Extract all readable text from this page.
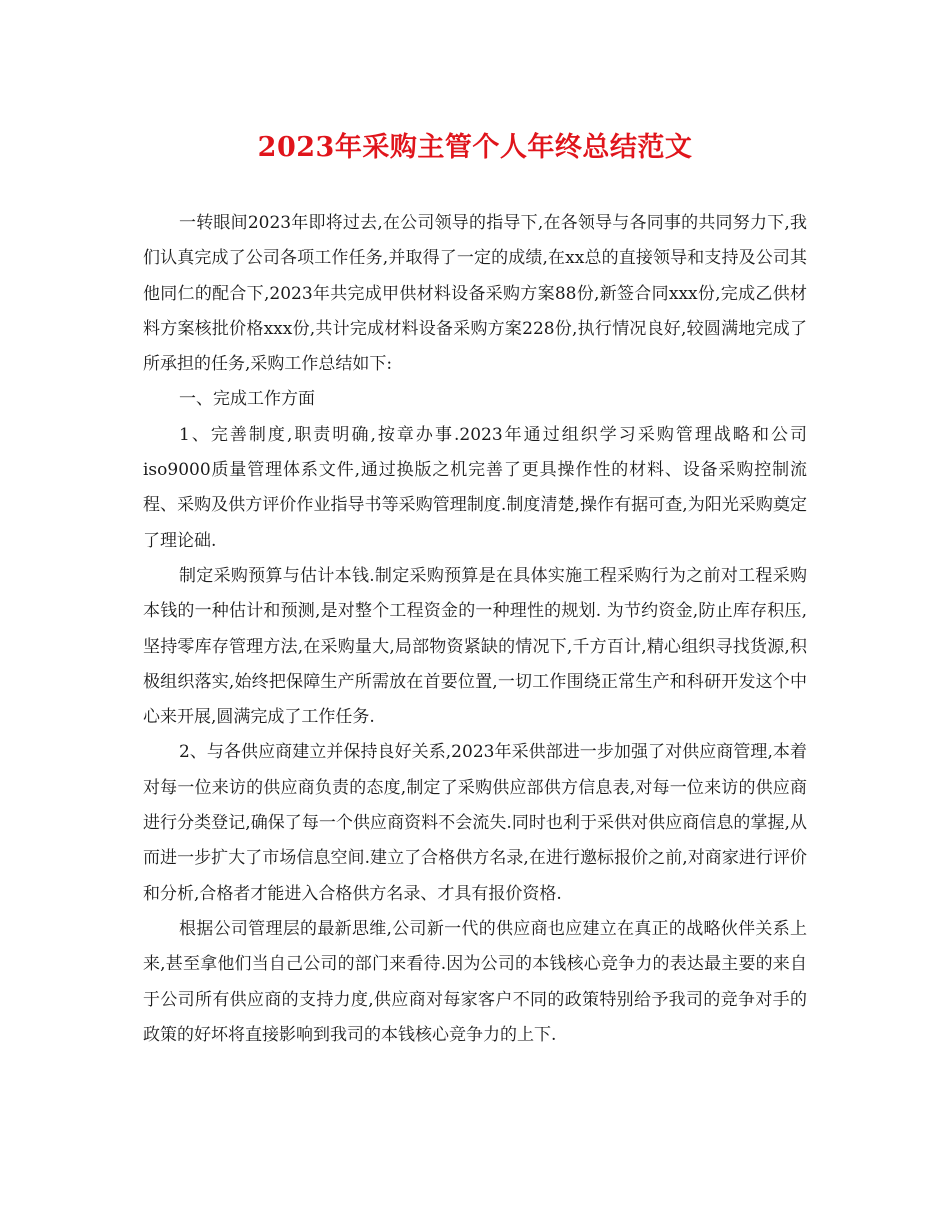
2023年采购主管个人年终总结范文

一转眼间2023年即将过去,在公司领导的指导下,在各领导与各同事的共同努力下,我们认真完成了公司各项工作任务,并取得了一定的成绩,在xx总的直接领导和支持及公司其他同仁的配合下,2023年共完成甲供材料设备采购方案88份,新签合同xxx份,完成乙供材料方案核批价格xxx份,共计完成材料设备采购方案228份,执行情况良好,较圆满地完成了所承担的任务,采购工作总结如下:

一、完成工作方面

1、完善制度,职责明确,按章办事.2023年通过组织学习采购管理战略和公司iso9000质量管理体系文件,通过换版之机完善了更具操作性的材料、设备采购控制流程、采购及供方评价作业指导书等采购管理制度.制度清楚,操作有据可查,为阳光采购奠定了理论础.

制定采购预算与估计本钱.制定采购预算是在具体实施工程采购行为之前对工程采购本钱的一种估计和预测,是对整个工程资金的一种理性的规划. 为节约资金,防止库存积压,坚持零库存管理方法,在采购量大,局部物资紧缺的情况下,千方百计,精心组织寻找货源,积极组织落实,始终把保障生产所需放在首要位置,一切工作围绕正常生产和科研开发这个中心来开展,圆满完成了工作任务.

2、与各供应商建立并保持良好关系,2023年采供部进一步加强了对供应商管理,本着对每一位来访的供应商负责的态度,制定了采购供应部供方信息表,对每一位来访的供应商进行分类登记,确保了每一个供应商资料不会流失.同时也利于采供对供应商信息的掌握,从而进一步扩大了市场信息空间.建立了合格供方名录,在进行邀标报价之前,对商家进行评价和分析,合格者才能进入合格供方名录、才具有报价资格.

根据公司管理层的最新思维,公司新一代的供应商也应建立在真正的战略伙伴关系上来,甚至拿他们当自己公司的部门来看待.因为公司的本钱核心竞争力的表达最主要的来自于公司所有供应商的支持力度,供应商对每家客户不同的政策特别给予我司的竞争对手的政策的好坏将直接影响到我司的本钱核心竞争力的上下.
